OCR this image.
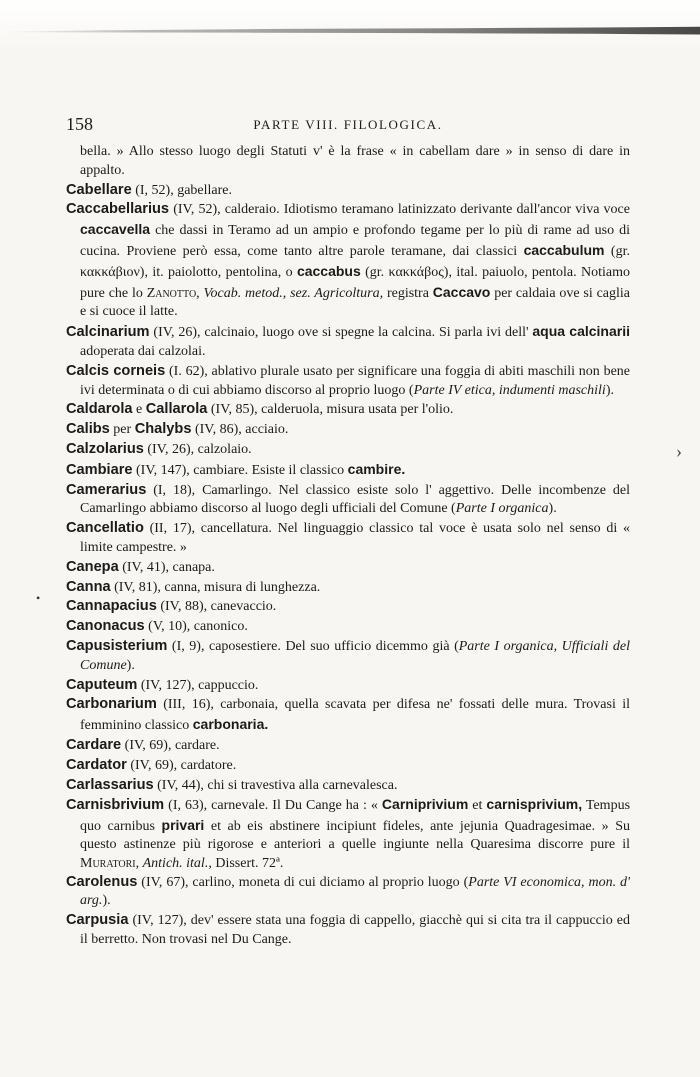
158	PARTE VIII. FILOLOGICA.
›
•

bella. » Allo stesso luogo degli Statuti v' è la frase « in cabellam dare » in senso di dare in appalto.

Cabellare (I, 52), gabellare.

Caccabellarius (IV, 52), calderaio. Idiotismo teramano latinizzato derivante dall'ancor viva voce caccavella che dassi in Teramo ad un ampio e profondo tegame per lo più di rame ad uso di cucina. Proviene però essa, come tanto altre parole teramane, dai classici caccabulum (gr. κακκάβιον), it. paiolotto, pentolina, o caccabus (gr. κακκάβος), ital. paiuolo, pentola. Notiamo pure che lo Zanotto, Vocab. metod., sez. Agricoltura, registra Caccavo per caldaia ove si caglia e si cuoce il latte.

Calcinarium (IV, 26), calcinaio, luogo ove si spegne la calcina. Si parla ivi dell' aqua calcinarii adoperata dai calzolai.

Calcis corneis (I. 62), ablativo plurale usato per significare una foggia di abiti maschili non bene ivi determinata o di cui abbiamo discorso al proprio luogo (Parte IV etica, indumenti maschili).

Caldarola e Callarola (IV, 85), calderuola, misura usata per l'olio.

Calibs per Chalybs (IV, 86), acciaio.

Calzolarius (IV, 26), calzolaio.

Cambiare (IV, 147), cambiare. Esiste il classico cambire.

Camerarius (I, 18), Camarlingo. Nel classico esiste solo l' aggettivo. Delle incombenze del Camarlingo abbiamo discorso al luogo degli ufficiali del Comune (Parte I organica).

Cancellatio (II, 17), cancellatura. Nel linguaggio classico tal voce è usata solo nel senso di « limite campestre. »

Canepa (IV, 41), canapa.

Canna (IV, 81), canna, misura di lunghezza.

Cannapacius (IV, 88), canevaccio.

Canonacus (V, 10), canonico.

Capusisterium (I, 9), caposestiere. Del suo ufficio dicemmo già (Parte I organica, Ufficiali del Comune).

Caputeum (IV, 127), cappuccio.

Carbonarium (III, 16), carbonaia, quella scavata per difesa ne' fossati delle mura. Trovasi il femminino classico carbonaria.

Cardare (IV, 69), cardare.

Cardator (IV, 69), cardatore.

Carlassarius (IV, 44), chi si travestiva alla carnevalesca.

Carnisbrivium (I, 63), carnevale. Il Du Cange ha : « Carniprivium et carnisprivium, Tempus quo carnibus privari et ab eis abstinere incipiunt fideles, ante jejunia Quadragesimae. » Su questo astinenze più rigorose e anteriori a quelle ingiunte nella Quaresima discorre pure il Muratori, Antich. ital., Dissert. 72ª.

Carolenus (IV, 67), carlino, moneta di cui diciamo al proprio luogo (Parte VI economica, mon. d' arg.).

Carpusia (IV, 127), dev' essere stata una foggia di cappello, giacchè qui si cita tra il cappuccio ed il berretto. Non trovasi nel Du Cange.
